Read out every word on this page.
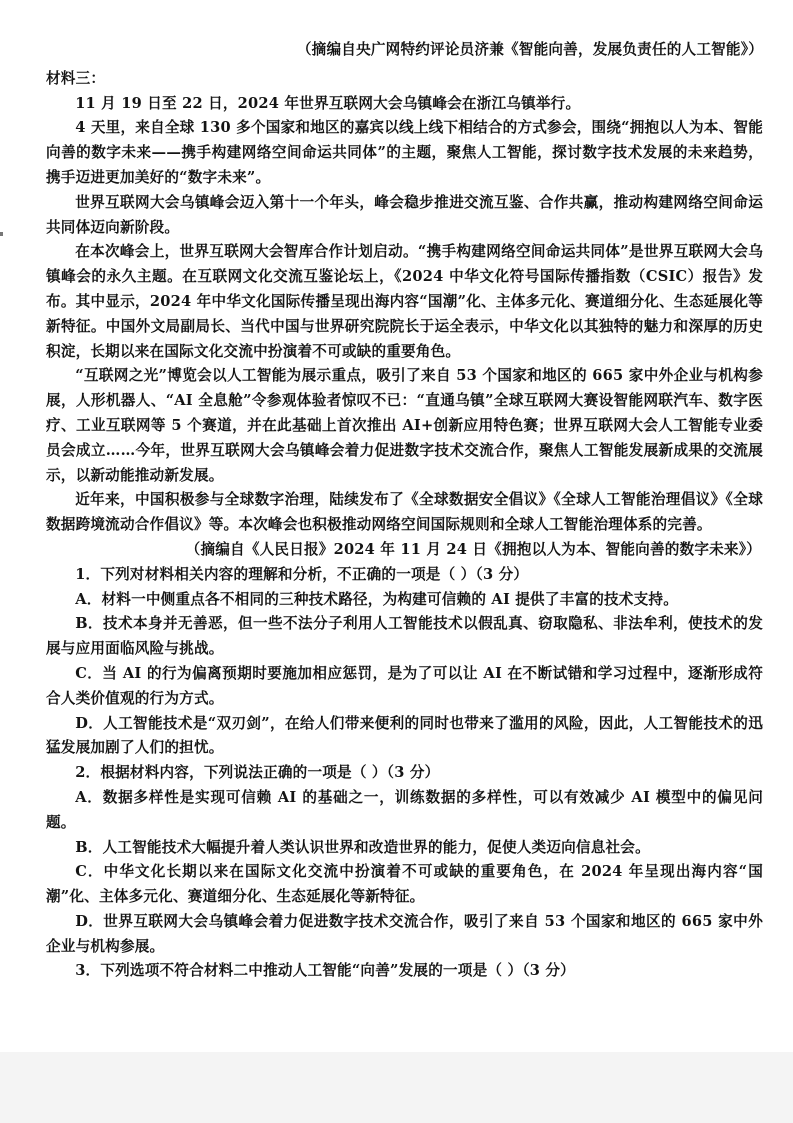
（摘编自央广网特约评论员济兼《智能向善，发展负责任的人工智能》）

材料三：

11 月 19 日至 22 日，2024 年世界互联网大会乌镇峰会在浙江乌镇举行。

4 天里，来自全球 130 多个国家和地区的嘉宾以线上线下相结合的方式参会，围绕“拥抱以人为本、智能向善的数字未来——携手构建网络空间命运共同体”的主题，聚焦人工智能，探讨数字技术发展的未来趋势，携手迈进更加美好的“数字未来”。

世界互联网大会乌镇峰会迈入第十一个年头，峰会稳步推进交流互鉴、合作共赢，推动构建网络空间命运共同体迈向新阶段。

在本次峰会上，世界互联网大会智库合作计划启动。“携手构建网络空间命运共同体”是世界互联网大会乌镇峰会的永久主题。在互联网文化交流互鉴论坛上，《2024 中华文化符号国际传播指数（CSIC）报告》发布。其中显示，2024 年中华文化国际传播呈现出海内容“国潮”化、主体多元化、赛道细分化、生态延展化等新特征。中国外文局副局长、当代中国与世界研究院院长于运全表示，中华文化以其独特的魅力和深厚的历史积淀，长期以来在国际文化交流中扮演着不可或缺的重要角色。

“互联网之光”博览会以人工智能为展示重点，吸引了来自 53 个国家和地区的 665 家中外企业与机构参展，人形机器人、“AI 全息舱”令参观体验者惊叹不已：“直通乌镇”全球互联网大赛设智能网联汽车、数字医疗、工业互联网等 5 个赛道，并在此基础上首次推出 AI+创新应用特色赛；世界互联网大会人工智能专业委员会成立……今年，世界互联网大会乌镇峰会着力促进数字技术交流合作，聚焦人工智能发展新成果的交流展示，以新动能推动新发展。

近年来，中国积极参与全球数字治理，陆续发布了《全球数据安全倡议》《全球人工智能治理倡议》《全球数据跨境流动合作倡议》等。本次峰会也积极推动网络空间国际规则和全球人工智能治理体系的完善。

（摘编自《人民日报》2024 年 11 月 24 日《拥抱以人为本、智能向善的数字未来》）

1．下列对材料相关内容的理解和分析，不正确的一项是（ ）（3 分）

A．材料一中侧重点各不相同的三种技术路径，为构建可信赖的 AI 提供了丰富的技术支持。

B．技术本身并无善恶，但一些不法分子利用人工智能技术以假乱真、窃取隐私、非法牟利，使技术的发展与应用面临风险与挑战。

C．当 AI 的行为偏离预期时要施加相应惩罚，是为了可以让 AI 在不断试错和学习过程中，逐渐形成符合人类价值观的行为方式。

D．人工智能技术是“双刃剑”，在给人们带来便利的同时也带来了滥用的风险，因此，人工智能技术的迅猛发展加剧了人们的担忧。

2．根据材料内容，下列说法正确的一项是（ ）（3 分）

A．数据多样性是实现可信赖 AI 的基础之一，训练数据的多样性，可以有效减少 AI 模型中的偏见问题。

B．人工智能技术大幅提升着人类认识世界和改造世界的能力，促使人类迈向信息社会。

C．中华文化长期以来在国际文化交流中扮演着不可或缺的重要角色，在 2024 年呈现出海内容“国潮”化、主体多元化、赛道细分化、生态延展化等新特征。

D．世界互联网大会乌镇峰会着力促进数字技术交流合作，吸引了来自 53 个国家和地区的 665 家中外企业与机构参展。

3．下列选项不符合材料二中推动人工智能“向善”发展的一项是（ ）（3 分）
